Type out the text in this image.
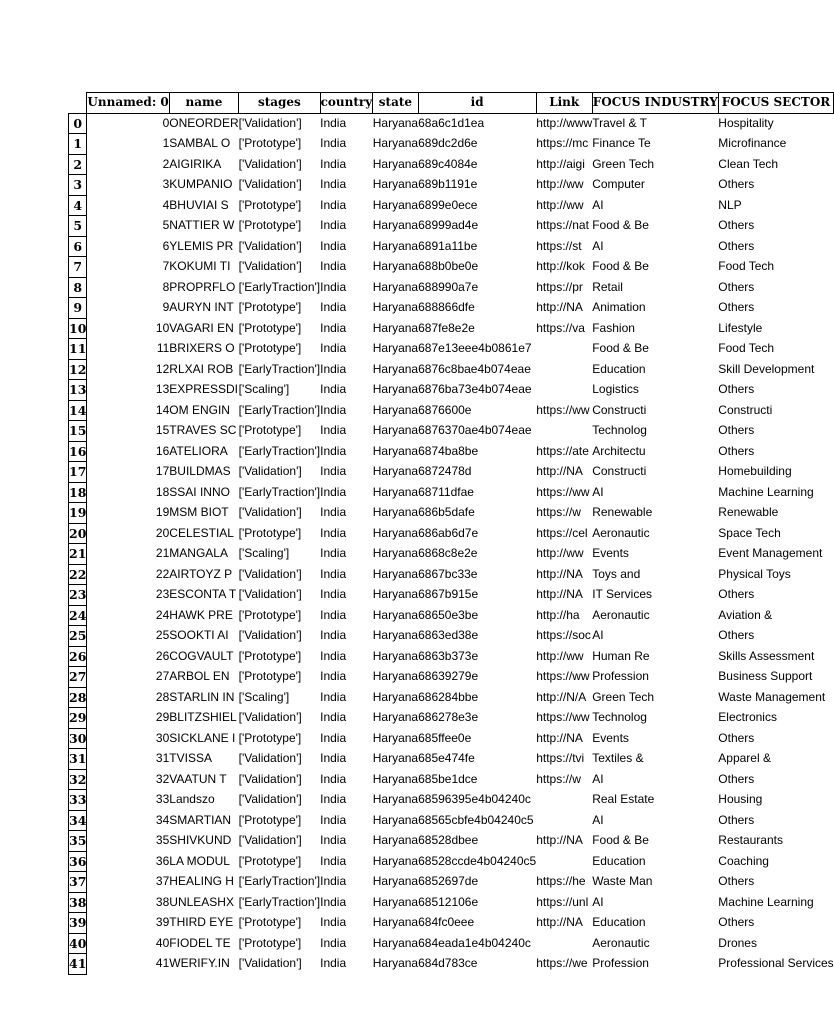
	Unnamed: 0	name	stages	country	state	id	Link	FOCUS INDUSTRY	FOCUS SECTOR
0	0	ONEORDER	['Validation']	India	Haryana	68a6c1d1ea	http://www	Travel & T	Hospitality
1	1	SAMBAL O	['Prototype']	India	Haryana	689dc2d6e	https://mc	Finance Te	Microfinance
2	2	AIGIRIKA	['Validation']	India	Haryana	689c4084e	http://aigi	Green Tech	Clean Tech
3	3	KUMPANIO	['Validation']	India	Haryana	689b1191e	http://ww	Computer	Others
4	4	BHUVIAI S	['Prototype']	India	Haryana	6899e0ece	http://ww	AI	NLP
5	5	NATTIER W	['Prototype']	India	Haryana	68999ad4e	https://nat	Food & Be	Others
6	6	YLEMIS PR	['Validation']	India	Haryana	6891a11be	https://st	AI	Others
7	7	KOKUMI TI	['Validation']	India	Haryana	688b0be0e	http://kok	Food & Be	Food Tech
8	8	PROPRFLO	['EarlyTraction']	India	Haryana	688990a7e	https://pr	Retail	Others
9	9	AURYN INT	['Prototype']	India	Haryana	688866dfe	http://NA	Animation	Others
10	10	VAGARI EN	['Prototype']	India	Haryana	687fe8e2e	https://va	Fashion	Lifestyle
11	11	BRIXERS O	['Prototype']	India	Haryana	687e13eee4b0861e7		Food & Be	Food Tech
12	12	RLXAI ROB	['EarlyTraction']	India	Haryana	6876c8bae4b074eae		Education	Skill Development
13	13	EXPRESSDI	['Scaling']	India	Haryana	6876ba73e4b074eae		Logistics	Others
14	14	OM ENGIN	['EarlyTraction']	India	Haryana	6876600e	https://ww	Constructi	Constructi
15	15	TRAVES SC	['Prototype']	India	Haryana	6876370ae4b074eae		Technolog	Others
16	16	ATELIORA	['EarlyTraction']	India	Haryana	6874ba8be	https://ate	Architectu	Others
17	17	BUILDMAS	['Validation']	India	Haryana	6872478d	http://NA	Constructi	Homebuilding
18	18	SSAI INNO	['EarlyTraction']	India	Haryana	68711dfae	https://ww	AI	Machine Learning
19	19	MSM BIOT	['Validation']	India	Haryana	686b5dafe	https://w	Renewable	Renewable
20	20	CELESTIAL	['Prototype']	India	Haryana	686ab6d7e	https://cel	Aeronautic	Space Tech
21	21	MANGALA	['Scaling']	India	Haryana	6868c8e2e	http://ww	Events	Event Management
22	22	AIRTOYZ P	['Validation']	India	Haryana	6867bc33e	http://NA	Toys and	Physical Toys
23	23	ESCONTA T	['Validation']	India	Haryana	6867b915e	http://NA	IT Services	Others
24	24	HAWK PRE	['Prototype']	India	Haryana	68650e3be	http://ha	Aeronautic	Aviation &
25	25	SOOKTI AI	['Validation']	India	Haryana	6863ed38e	https://soc	AI	Others
26	26	COGVAULT	['Prototype']	India	Haryana	6863b373e	http://ww	Human Re	Skills Assessment
27	27	ARBOL EN	['Prototype']	India	Haryana	68639279e	https://ww	Profession	Business Support
28	28	STARLIN IN	['Scaling']	India	Haryana	686284bbe	http://N/A	Green Tech	Waste Management
29	29	BLITZSHIEL	['Validation']	India	Haryana	686278e3e	https://ww	Technolog	Electronics
30	30	SICKLANE I	['Prototype']	India	Haryana	685ffee0e	http://NA	Events	Others
31	31	TVISSA	['Validation']	India	Haryana	685e474fe	https://tvi	Textiles &	Apparel &
32	32	VAATUN T	['Validation']	India	Haryana	685be1dce	https://w	AI	Others
33	33	Landszo	['Validation']	India	Haryana	68596395e4b04240c		Real Estate	Housing
34	34	SMARTIAN	['Prototype']	India	Haryana	68565cbfe4b04240c5		AI	Others
35	35	SHIVKUND	['Validation']	India	Haryana	68528dbee	http://NA	Food & Be	Restaurants
36	36	LA MODUL	['Prototype']	India	Haryana	68528ccde4b04240c5		Education	Coaching
37	37	HEALING H	['EarlyTraction']	India	Haryana	6852697de	https://he	Waste Man	Others
38	38	UNLEASHX	['EarlyTraction']	India	Haryana	68512106e	https://unl	AI	Machine Learning
39	39	THIRD EYE	['Prototype']	India	Haryana	684fc0eee	http://NA	Education	Others
40	40	FIODEL TE	['Prototype']	India	Haryana	684eada1e4b04240c		Aeronautic	Drones
41	41	WERIFY.IN	['Validation']	India	Haryana	684d783ce	https://we	Profession	Professional Services
